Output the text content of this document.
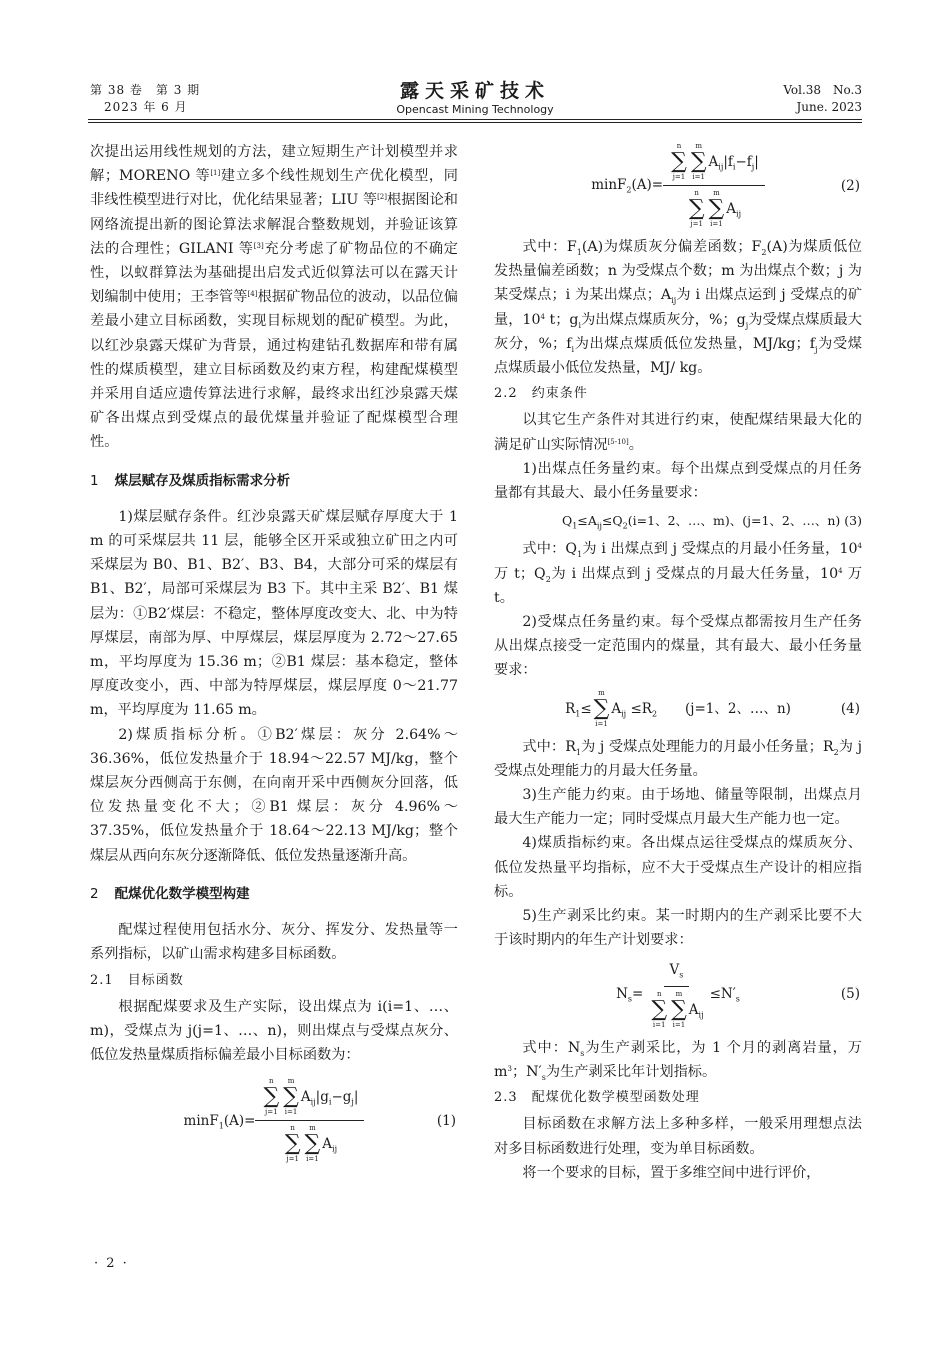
第 38 卷　第 3 期
2023 年 6 月
露天采矿技术
Opencast Mining Technology
Vol.38　No.3
June. 2023

次提出运用线性规划的方法，建立短期生产计划模型并求解；MORENO 等[1]建立多个线性规划生产优化模型，同非线性模型进行对比，优化结果显著；LIU 等[2]根据图论和网络流提出新的图论算法求解混合整数规划，并验证该算法的合理性；GILANI 等[3]充分考虑了矿物品位的不确定性，以蚁群算法为基础提出启发式近似算法可以在露天计划编制中使用；王李管等[4]根据矿物品位的波动，以品位偏差最小建立目标函数，实现目标规划的配矿模型。为此，以红沙泉露天煤矿为背景，通过构建钻孔数据库和带有属性的煤质模型，建立目标函数及约束方程，构建配煤模型并采用自适应遗传算法进行求解，最终求出红沙泉露天煤矿各出煤点到受煤点的最优煤量并验证了配煤模型合理性。

1 煤层赋存及煤质指标需求分析

1)煤层赋存条件。红沙泉露天矿煤层赋存厚度大于 1 m 的可采煤层共 11 层，能够全区开采或独立矿田之内可采煤层为 B0、B1、B2′、B3、B4，大部分可采的煤层有 B1、B2′，局部可采煤层为 B3 下。其中主采 B2′、B1 煤层为：①B2′煤层：不稳定，整体厚度改变大、北、中为特厚煤层，南部为厚、中厚煤层，煤层厚度为 2.72～27.65 m，平均厚度为 15.36 m；②B1 煤层：基本稳定，整体厚度改变小，西、中部为特厚煤层，煤层厚度 0～21.77 m，平均厚度为 11.65 m。

2)煤质指标分析。①B2′煤层：灰分 2.64%～36.36%，低位发热量介于 18.94～22.57 MJ/kg，整个煤层灰分西侧高于东侧，在向南开采中西侧灰分回落，低位发热量变化不大；②B1 煤层：灰分 4.96%～37.35%，低位发热量介于 18.64～22.13 MJ/kg；整个煤层从西向东灰分逐渐降低、低位发热量逐渐升高。

2 配煤优化数学模型构建

配煤过程使用包括水分、灰分、挥发分、发热量等一系列指标，以矿山需求构建多目标函数。

2.1 目标函数

根据配煤要求及生产实际，设出煤点为 i(i=1、…、m)，受煤点为 j(j=1、…、n)，则出煤点与受煤点灰分、低位发热量煤质指标偏差最小目标函数为：

minF$_1$(A)= n
∑
j=1
m
∑
i=1
$A_{ij}|g_i-g_j|$
n
∑
j=1
m
∑
i=1
$A_{ij}$	(1)
minF$_2$(A)= n
∑
j=1
m
∑
i=1
$A_{ij}|f_i-f_j|$
n
∑
j=1
m
∑
i=1
$A_{ij}$	(2)

式中：$F_1(A)$为煤质灰分偏差函数；$F_2(A)$为煤质低位发热量偏差函数；n 为受煤点个数；m 为出煤点个数；j 为某受煤点；i 为某出煤点；$A_{ij}$为 i 出煤点运到 j 受煤点的矿量，$10^4$ t；$g_i$为出煤点煤质灰分，%；$g_j$为受煤点煤质最大灰分，%；$f_i$为出煤点煤质低位发热量，MJ/kg；$f_j$为受煤点煤质最小低位发热量，MJ/ kg。

2.2 约束条件

以其它生产条件对其进行约束，使配煤结果最大化的满足矿山实际情况[5-10]。

1)出煤点任务量约束。每个出煤点到受煤点的月任务量都有其最大、最小任务量要求：

$Q_1\le A_{ij}\le Q_2(i=1$、2、…、m)、(j=1、2、…、n) (3)

式中：$Q_1$为 i 出煤点到 j 受煤点的月最小任务量，$10^4$ 万 t；$Q_2$为 i 出煤点到 j 受煤点的月最大任务量，$10^4$ 万 t。

2)受煤点任务量约束。每个受煤点都需按月生产任务从出煤点接受一定范围内的煤量，其有最大、最小任务量要求：

$R_1\le$
m
∑
i=1
$A_{ij} \le R_2$ (j=1、2、…、n)	(4)

式中：$R_1$为 j 受煤点处理能力的月最小任务量；$R_2$为 j 受煤点处理能力的月最大任务量。

3)生产能力约束。由于场地、储量等限制，出煤点月最大生产能力一定；同时受煤点月最大生产能力也一定。

4)煤质指标约束。各出煤点运往受煤点的煤质灰分、低位发热量平均指标，应不大于受煤点生产设计的相应指标。

5)生产剥采比约束。某一时期内的生产剥采比要不大于该时期内的年生产计划要求：

$N_s= V_s$
n
∑
i=1
m
∑
i=1
$A_{ij} \le N'_s$	(5)

式中：$N_s$为生产剥采比，为 1 个月的剥离岩量，万 $m^3$；$N'_s$为生产剥采比年计划指标。

2.3 配煤优化数学模型函数处理

目标函数在求解方法上多种多样，一般采用理想点法对多目标函数进行处理，变为单目标函数。

将一个要求的目标，置于多维空间中进行评价，

· 2 ·
